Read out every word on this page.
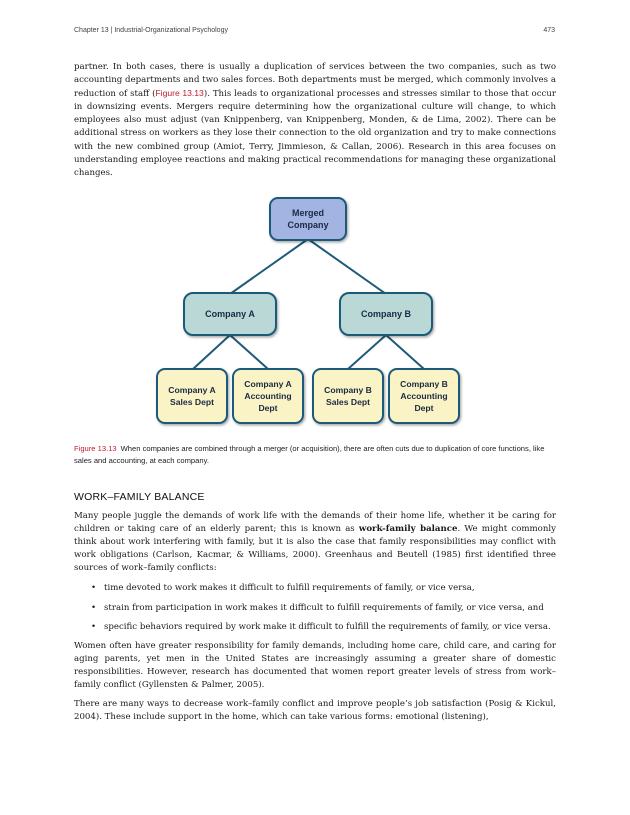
Chapter 13 | Industrial-Organizational Psychology	473

partner. In both cases, there is usually a duplication of services between the two companies, such as two accounting departments and two sales forces. Both departments must be merged, which commonly involves a reduction of staff (Figure 13.13). This leads to organizational processes and stresses similar to those that occur in downsizing events. Mergers require determining how the organizational culture will change, to which employees also must adjust (van Knippenberg, van Knippenberg, Monden, & de Lima, 2002). There can be additional stress on workers as they lose their connection to the old organization and try to make connections with the new combined group (Amiot, Terry, Jimmieson, & Callan, 2006). Research in this area focuses on understanding employee reactions and making practical recommendations for managing these organizational changes.

Merged
Company
Company A	Company B
Company A
Sales Dept
Company A
Accounting
Dept
Company B
Sales Dept
Company B
Accounting
Dept
Figure 13.13 When companies are combined through a merger (or acquisition), there are often cuts due to duplication of core functions, like sales and accounting, at each company.
WORK–FAMILY BALANCE

Many people juggle the demands of work life with the demands of their home life, whether it be caring for children or taking care of an elderly parent; this is known as work-family balance. We might commonly think about work interfering with family, but it is also the case that family responsibilities may conflict with work obligations (Carlson, Kacmar, & Williams, 2000). Greenhaus and Beutell (1985) first identified three sources of work–family conflicts:

• time devoted to work makes it difficult to fulfill requirements of family, or vice versa,
• strain from participation in work makes it difficult to fulfill requirements of family, or vice versa, and
• specific behaviors required by work make it difficult to fulfill the requirements of family, or vice versa.

Women often have greater responsibility for family demands, including home care, child care, and caring for aging parents, yet men in the United States are increasingly assuming a greater share of domestic responsibilities. However, research has documented that women report greater levels of stress from work–family conflict (Gyllensten & Palmer, 2005).

There are many ways to decrease work–family conflict and improve people’s job satisfaction (Posig & Kickul, 2004). These include support in the home, which can take various forms: emotional (listening),
